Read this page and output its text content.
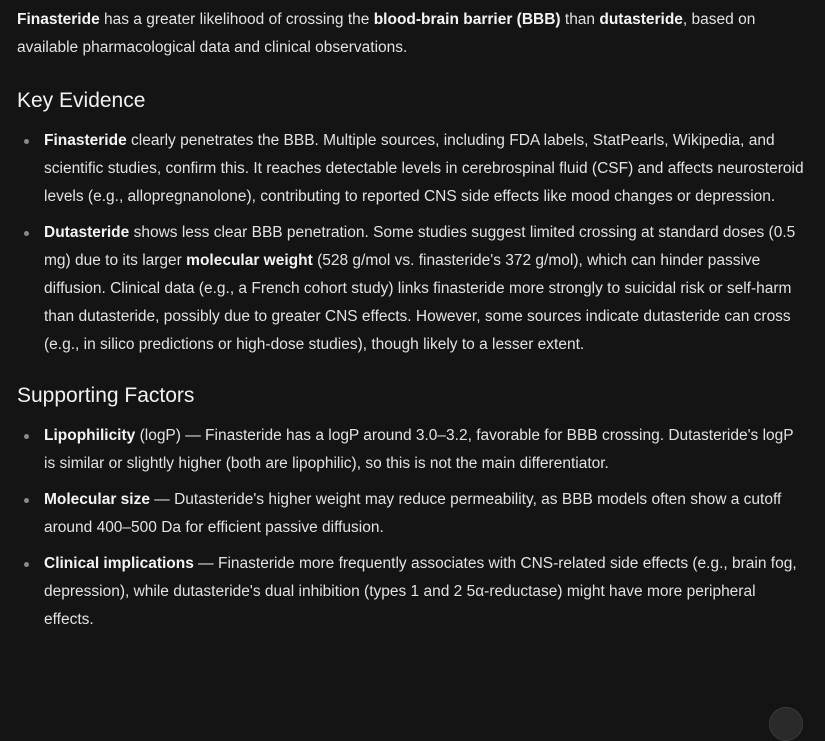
Finasteride has a greater likelihood of crossing the blood-brain barrier (BBB) than dutasteride, based on available pharmacological data and clinical observations.

Key Evidence
Finasteride clearly penetrates the BBB. Multiple sources, including FDA labels, StatPearls, Wikipedia, and scientific studies, confirm this. It reaches detectable levels in cerebrospinal fluid (CSF) and affects neurosteroid levels (e.g., allopregnanolone), contributing to reported CNS side effects like mood changes or depression.
Dutasteride shows less clear BBB penetration. Some studies suggest limited crossing at standard doses (0.5 mg) due to its larger molecular weight (528 g/mol vs. finasteride's 372 g/mol), which can hinder passive diffusion. Clinical data (e.g., a French cohort study) links finasteride more strongly to suicidal risk or self-harm than dutasteride, possibly due to greater CNS effects. However, some sources indicate dutasteride can cross (e.g., in silico predictions or high-dose studies), though likely to a lesser extent.
Supporting Factors
Lipophilicity (logP) — Finasteride has a logP around 3.0–3.2, favorable for BBB crossing. Dutasteride's logP is similar or slightly higher (both are lipophilic), so this is not the main differentiator.
Molecular size — Dutasteride's higher weight may reduce permeability, as BBB models often show a cutoff around 400–500 Da for efficient passive diffusion.
Clinical implications — Finasteride more frequently associates with CNS-related side effects (e.g., brain fog, depression), while dutasteride's dual inhibition (types 1 and 2 5α-reductase) might have more peripheral effects.
